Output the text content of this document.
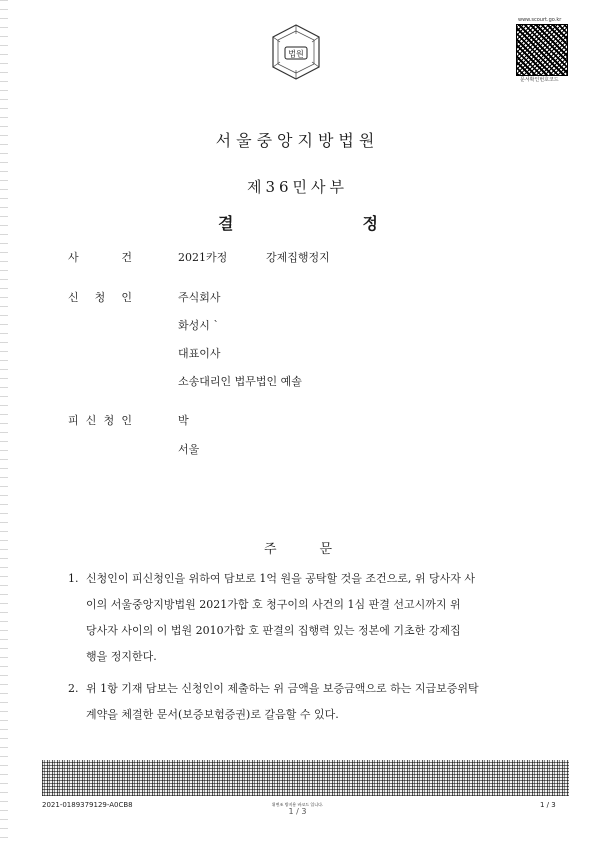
법원
www.scourt.go.kr
문서확인번호코드
서울중앙지방법원
제36민사부
결	정
사	건	2021카정	강제집행정지
신 청 인	주식회사
화성시 ˋ
대표이사
소송대리인 법무법인 예솔
피 신 청 인	박
서울
주	문
1. 신청인이 피신청인을 위하여 담보로 1억 원을 공탁할 것을 조건으로, 위 당사자 사
이의 서울중앙지방법원 2021가합 호 청구이의 사건의 1심 판결 선고시까지 위
당사자 사이의 이 법원 2010가합 호 판결의 집행력 있는 정본에 기초한 강제집
행을 정지한다.
2. 위 1항 기재 담보는 신청인이 제출하는 위 금액을 보증금액으로 하는 지급보증위탁
계약을 체결한 문서(보증보험증권)로 갈음할 수 있다.
2021-0189379129-A0CB8	위변조 방지용 바코드 입니다.
1 / 3
1 / 3
